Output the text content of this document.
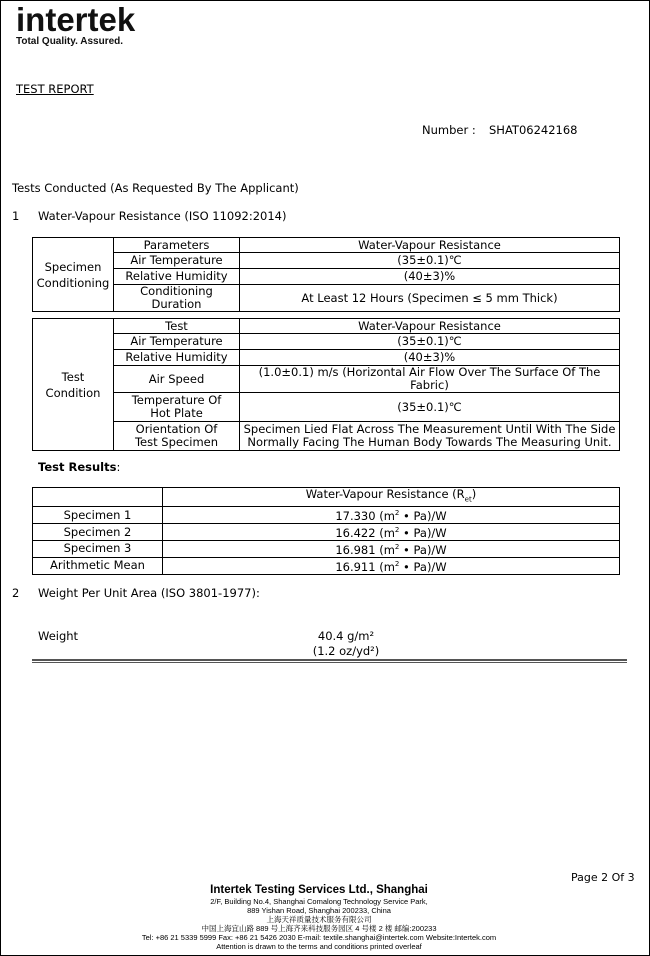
intertek
Total Quality. Assured.
TEST REPORT
Number : SHAT06242168
Tests Conducted (As Requested By The Applicant)
1 Water-Vapour Resistance (ISO 11092:2014)
Specimen
Conditioning	Parameters	Water-Vapour Resistance
	Air Temperature	(35±0.1)℃
	Relative Humidity	(40±3)%
	Conditioning Duration	At Least 12 Hours (Specimen ≤ 5 mm Thick)
Test
Condition	Test	Water-Vapour Resistance
	Air Temperature	(35±0.1)℃
	Relative Humidity	(40±3)%
	Air Speed	(1.0±0.1) m/s (Horizontal Air Flow Over The Surface Of The Fabric)
	Temperature Of
Hot Plate	(35±0.1)℃
	Orientation Of
Test Specimen	Specimen Lied Flat Across The Measurement Until With The Side
Normally Facing The Human Body Towards The Measuring Unit.
Test Results:
	Water-Vapour Resistance $(R_{et})$
Specimen 1	17.330 ($m^2$ • Pa)/W
Specimen 2	16.422 ($m^2$ • Pa)/W
Specimen 3	16.981 ($m^2$ • Pa)/W
Arithmetic Mean	16.911 ($m^2$ • Pa)/W
2 Weight Per Unit Area (ISO 3801-1977):
Weight	40.4 g/m²
(1.2 oz/yd²)
Page 2 Of 3
Intertek Testing Services Ltd., Shanghai
2/F, Building No.4, Shanghai Comalong Technology Service Park,
889 Yishan Road, Shanghai 200233, China
上海天祥质量技术服务有限公司
中国上海宜山路 889 号上海齐来科技服务园区 4 号楼 2 楼 邮编:200233
Tel: +86 21 5339 5999 Fax: +86 21 5426 2030 E-mail: textile.shanghai@intertek.com Website:Intertek.com
Attention is drawn to the terms and conditions printed overleaf
